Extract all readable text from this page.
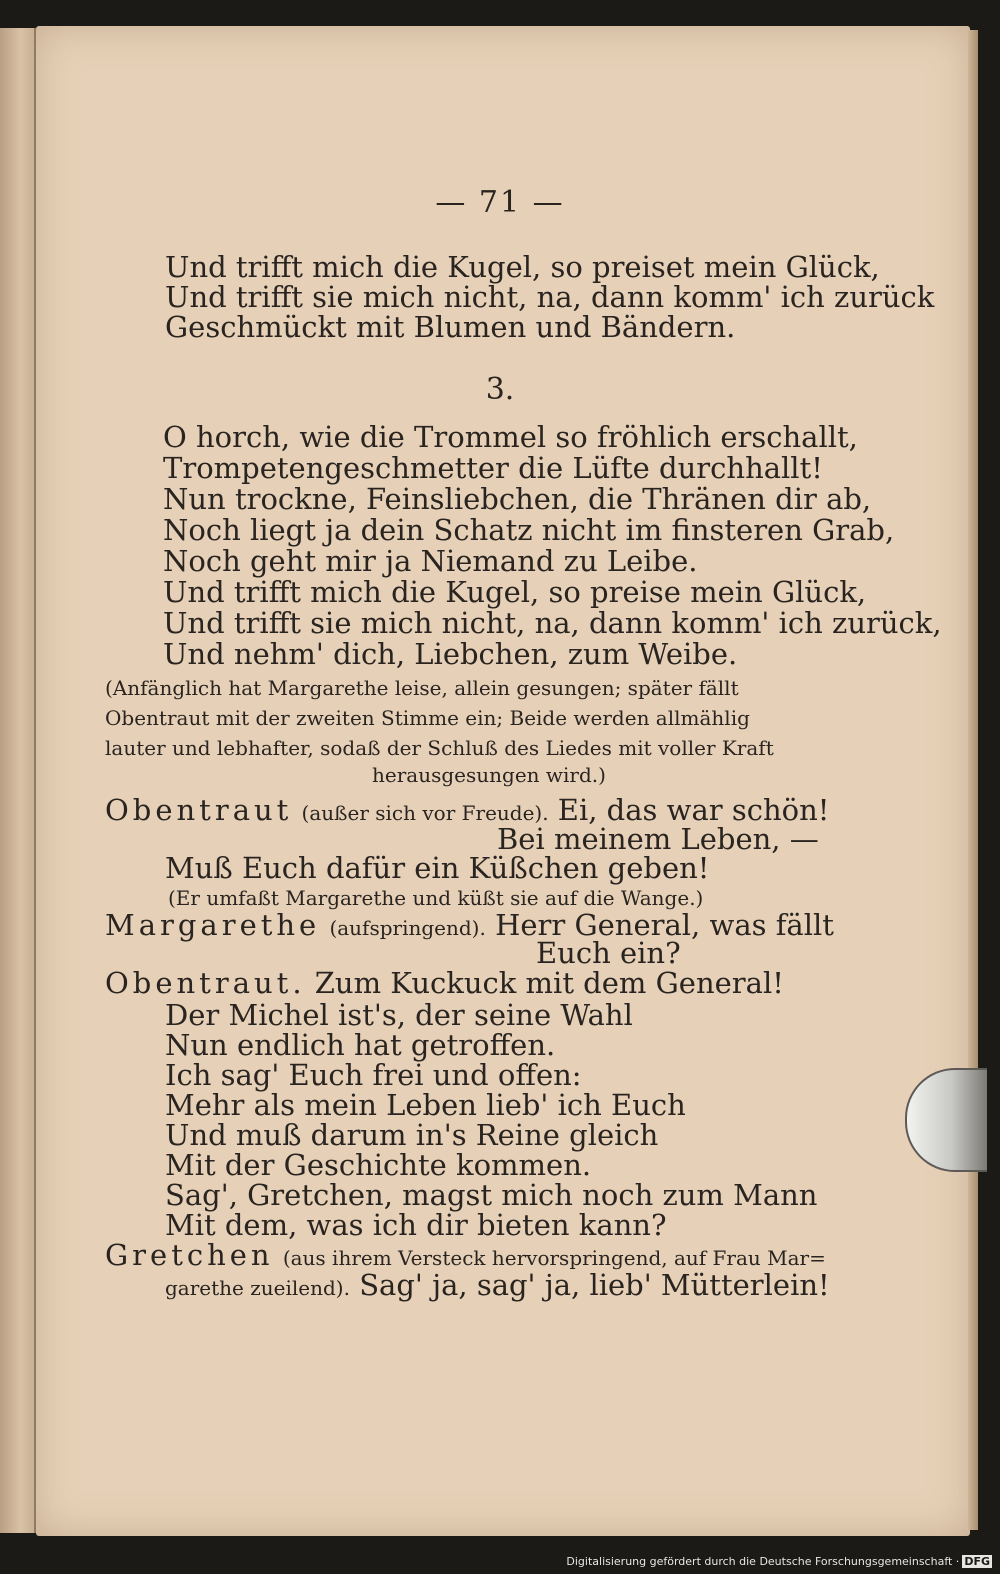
— 71 —
Und trifft mich die Kugel, so preiset mein Glück,
Und trifft sie mich nicht, na, dann komm' ich zurück
Geschmückt mit Blumen und Bändern.
3.
O horch, wie die Trommel so fröhlich erschallt,
Trompetengeschmetter die Lüfte durchhallt!
Nun trockne, Feinsliebchen, die Thränen dir ab,
Noch liegt ja dein Schatz nicht im finsteren Grab,
Noch geht mir ja Niemand zu Leibe.
Und trifft mich die Kugel, so preise mein Glück,
Und trifft sie mich nicht, na, dann komm' ich zurück,
Und nehm' dich, Liebchen, zum Weibe.
(Anfänglich hat Margarethe leise, allein gesungen; später fällt
Obentraut mit der zweiten Stimme ein; Beide werden allmählig
lauter und lebhafter, sodaß der Schluß des Liedes mit voller Kraft
herausgesungen wird.)
Obentraut (außer sich vor Freude). Ei, das war schön!
Bei meinem Leben, —
Muß Euch dafür ein Küßchen geben!
(Er umfaßt Margarethe und küßt sie auf die Wange.)
Margarethe (aufspringend). Herr General, was fällt
Euch ein?
Obentraut. Zum Kuckuck mit dem General!
Der Michel ist's, der seine Wahl
Nun endlich hat getroffen.
Ich sag' Euch frei und offen:
Mehr als mein Leben lieb' ich Euch
Und muß darum in's Reine gleich
Mit der Geschichte kommen.
Sag', Gretchen, magst mich noch zum Mann
Mit dem, was ich dir bieten kann?
Gretchen (aus ihrem Versteck hervorspringend, auf Frau Mar=
garethe zueilend). Sag' ja, sag' ja, lieb' Mütterlein!
Digitalisierung gefördert durch die Deutsche Forschungsgemeinschaft · DFG
